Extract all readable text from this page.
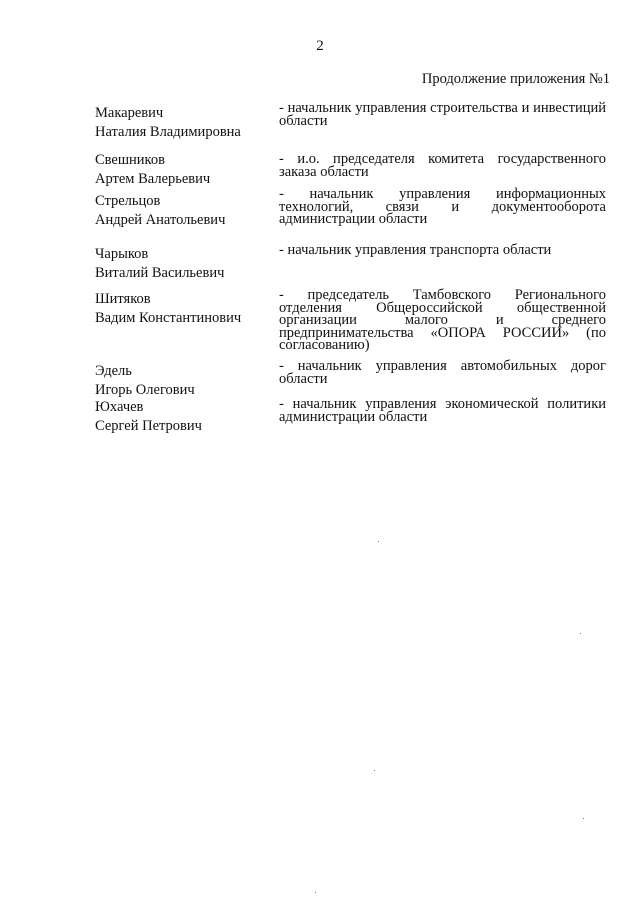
2
Продолжение приложения №1
Макаревич
Наталия Владимировна
- начальник управления строительства и инвестиций области
Свешников
Артем Валерьевич
- и.о. председателя комитета государственного заказа области
Стрельцов
Андрей Анатольевич
- начальник управления информационных технологий, связи и документооборота администрации области
Чарыков
Виталий Васильевич
- начальник управления транспорта области
Шитяков
Вадим Константинович
- председатель Тамбовского Регионального отделения Общероссийской общественной организации малого и среднего предпринимательства «ОПОРА РОССИИ» (по согласованию)
Эдель
Игорь Олегович
- начальник управления автомобильных дорог области
Юхачев
Сергей Петрович
- начальник управления экономической политики администрации области
